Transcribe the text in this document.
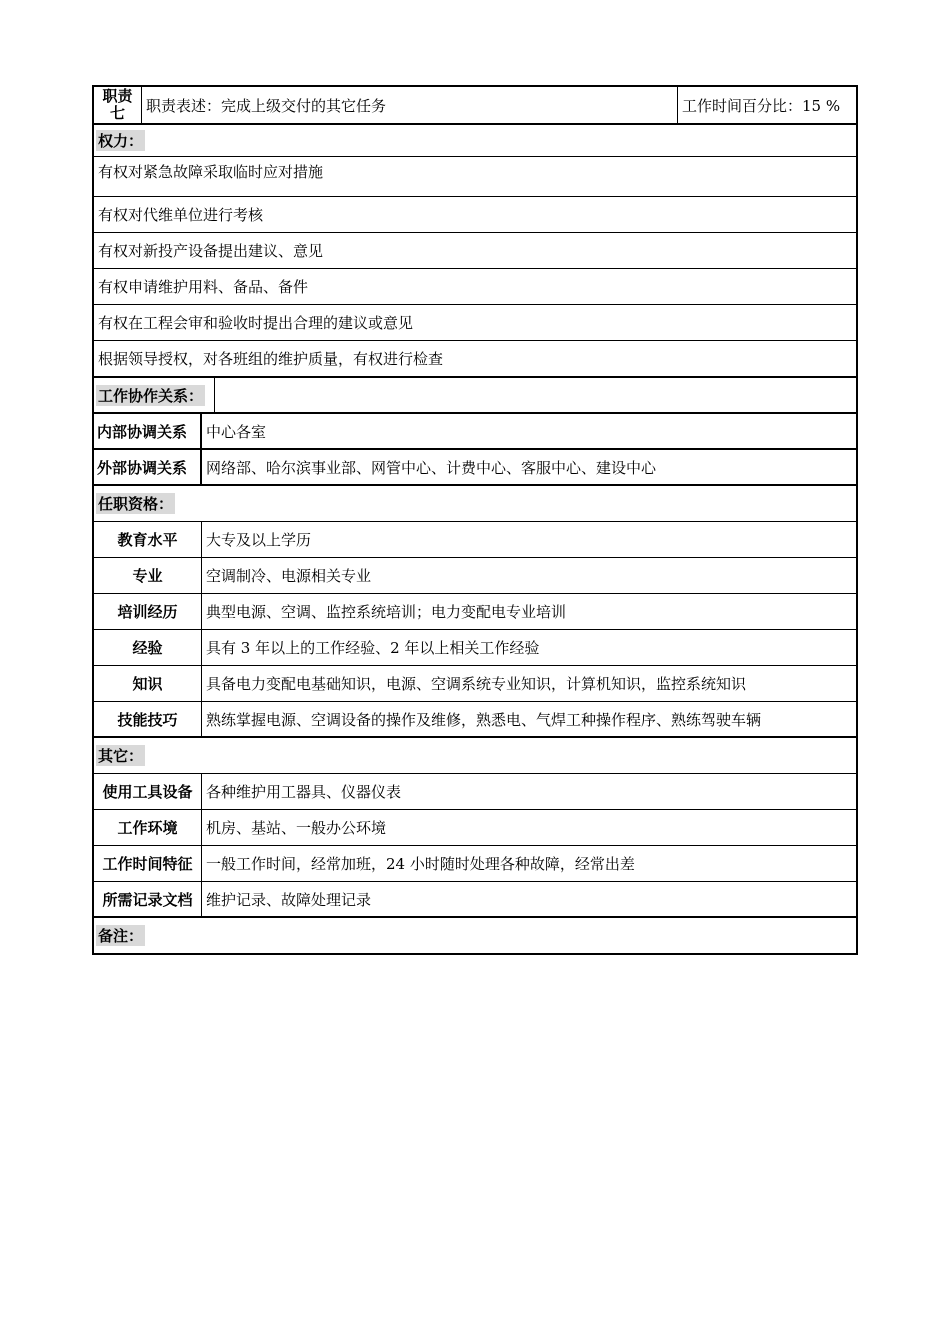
职责
七 职责表述：完成上级交付的其它任务	工作时间百分比：15 %
权力：
有权对紧急故障采取临时应对措施
有权对代维单位进行考核
有权对新投产设备提出建议、意见
有权申请维护用料、备品、备件
有权在工程会审和验收时提出合理的建议或意见
根据领导授权，对各班组的维护质量，有权进行检查
工作协作关系：
内部协调关系	中心各室
外部协调关系	网络部、哈尔滨事业部、网管中心、计费中心、客服中心、建设中心
任职资格：
教育水平	大专及以上学历
专业	空调制冷、电源相关专业
培训经历	典型电源、空调、监控系统培训；电力变配电专业培训
经验	具有 3 年以上的工作经验、2 年以上相关工作经验
知识	具备电力变配电基础知识，电源、空调系统专业知识，计算机知识，监控系统知识
技能技巧	熟练掌握电源、空调设备的操作及维修，熟悉电、气焊工种操作程序、熟练驾驶车辆
其它：
使用工具设备 各种维护用工器具、仪器仪表
工作环境	机房、基站、一般办公环境
工作时间特征 一般工作时间，经常加班，24 小时随时处理各种故障，经常出差
所需记录文档 维护记录、故障处理记录
备注：
